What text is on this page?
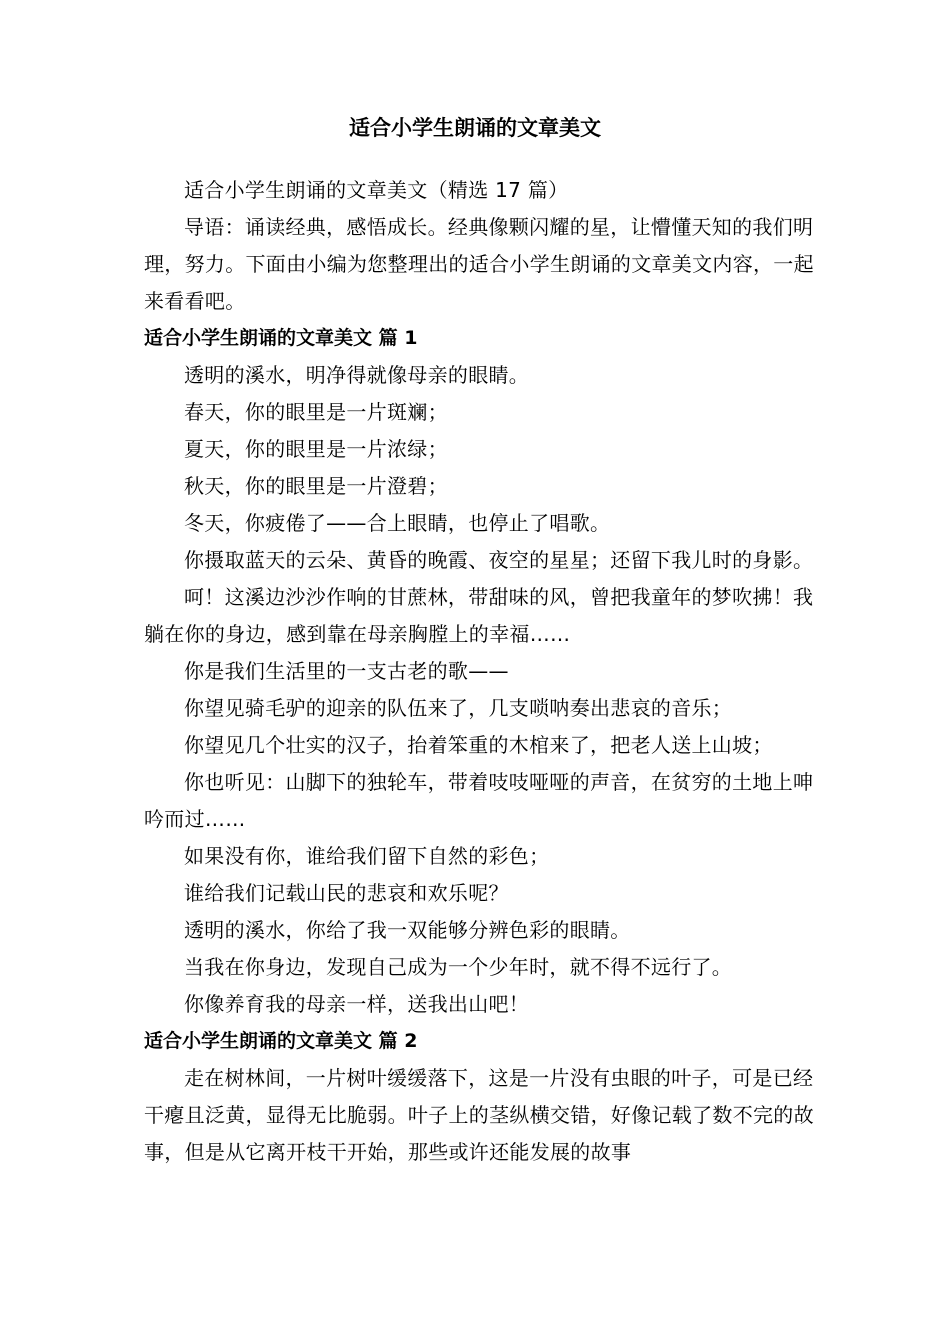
适合小学生朗诵的文章美文

适合小学生朗诵的文章美文（精选 17 篇）

导语：诵读经典，感悟成长。经典像颗闪耀的星，让懵懂天知的我们明理，努力。下面由小编为您整理出的适合小学生朗诵的文章美文内容，一起来看看吧。

适合小学生朗诵的文章美文 篇 1

透明的溪水，明净得就像母亲的眼睛。

春天，你的眼里是一片斑斓；

夏天，你的眼里是一片浓绿；

秋天，你的眼里是一片澄碧；

冬天，你疲倦了——合上眼睛，也停止了唱歌。

你摄取蓝天的云朵、黄昏的晚霞、夜空的星星；还留下我儿时的身影。

呵！这溪边沙沙作响的甘蔗林，带甜味的风，曾把我童年的梦吹拂！我躺在你的身边，感到靠在母亲胸膛上的幸福……

你是我们生活里的一支古老的歌——

你望见骑毛驴的迎亲的队伍来了，几支唢呐奏出悲哀的音乐；

你望见几个壮实的汉子，抬着笨重的木棺来了，把老人送上山坡；

你也听见：山脚下的独轮车，带着吱吱哑哑的声音，在贫穷的土地上呻吟而过……

如果没有你，谁给我们留下自然的彩色；

谁给我们记载山民的悲哀和欢乐呢？

透明的溪水，你给了我一双能够分辨色彩的眼睛。

当我在你身边，发现自己成为一个少年时，就不得不远行了。

你像养育我的母亲一样，送我出山吧！

适合小学生朗诵的文章美文 篇 2

走在树林间，一片树叶缓缓落下，这是一片没有虫眼的叶子，可是已经干瘪且泛黄，显得无比脆弱。叶子上的茎纵横交错，好像记载了数不完的故事，但是从它离开枝干开始，那些或许还能发展的故事
